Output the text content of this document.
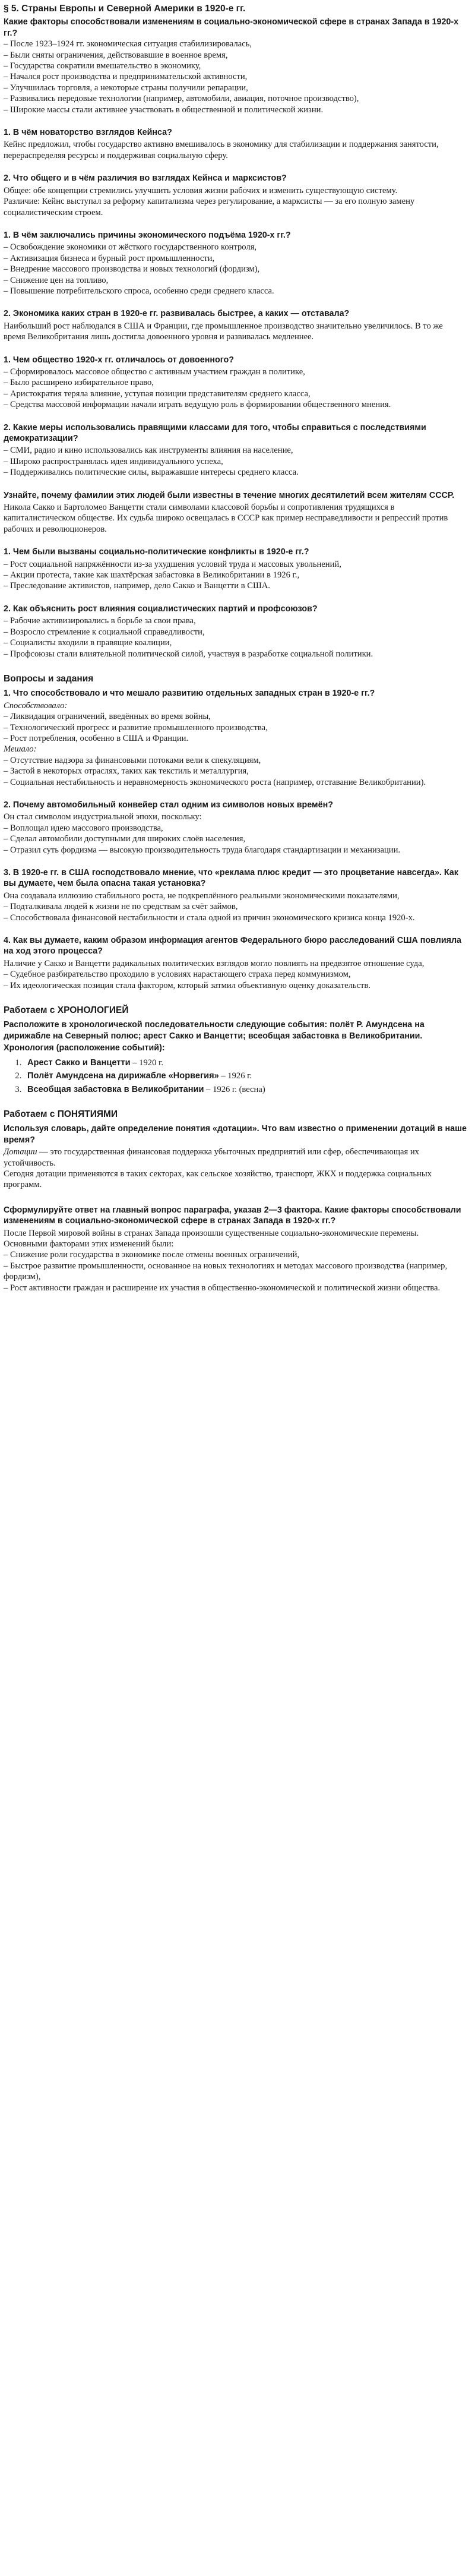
§ 5. Страны Европы и Северной Америки в 1920-е гг.
Какие факторы способствовали изменениям в социально-экономической сфере в странах Запада в 1920-х гг.?
– После 1923–1924 гг. экономическая ситуация стабилизировалась,
– Были сняты ограничения, действовавшие в военное время,
– Государства сократили вмешательство в экономику,
– Начался рост производства и предпринимательской активности,
– Улучшилась торговля, а некоторые страны получили репарации,
– Развивались передовые технологии (например, автомобили, авиация, поточное производство),
– Широкие массы стали активнее участвовать в общественной и политической жизни.
1. В чём новаторство взглядов Кейнса?
Кейнс предложил, чтобы государство активно вмешивалось в экономику для стабилизации и поддержания занятости, перераспределяя ресурсы и поддерживая социальную сферу.
2. Что общего и в чём различия во взглядах Кейнса и марксистов?
Общее: обе концепции стремились улучшить условия жизни рабочих и изменить существующую систему.
Различие: Кейнс выступал за реформу капитализма через регулирование, а марксисты — за его полную замену социалистическим строем.
1. В чём заключались причины экономического подъёма 1920-х гг.?
– Освобождение экономики от жёсткого государственного контроля,
– Активизация бизнеса и бурный рост промышленности,
– Внедрение массового производства и новых технологий (фордизм),
– Снижение цен на топливо,
– Повышение потребительского спроса, особенно среди среднего класса.
2. Экономика каких стран в 1920-е гг. развивалась быстрее, а каких — отставала?
Наибольший рост наблюдался в США и Франции, где промышленное производство значительно увеличилось. В то же время Великобритания лишь достигла довоенного уровня и развивалась медленнее.
1. Чем общество 1920-х гг. отличалось от довоенного?
– Сформировалось массовое общество с активным участием граждан в политике,
– Было расширено избирательное право,
– Аристократия теряла влияние, уступая позиции представителям среднего класса,
– Средства массовой информации начали играть ведущую роль в формировании общественного мнения.
2. Какие меры использовались правящими классами для того, чтобы справиться с последствиями демократизации?
– СМИ, радио и кино использовались как инструменты влияния на население,
– Широко распространялась идея индивидуального успеха,
– Поддерживались политические силы, выражавшие интересы среднего класса.
Узнайте, почему фамилии этих людей были известны в течение многих десятилетий всем жителям СССР.
Никола Сакко и Бартоломео Ванцетти стали символами классовой борьбы и сопротивления трудящихся в капиталистическом обществе. Их судьба широко освещалась в СССР как пример несправедливости и репрессий против рабочих и революционеров.
1. Чем были вызваны социально-политические конфликты в 1920-е гг.?
– Рост социальной напряжённости из-за ухудшения условий труда и массовых увольнений,
– Акции протеста, такие как шахтёрская забастовка в Великобритании в 1926 г.,
– Преследование активистов, например, дело Сакко и Ванцетти в США.
2. Как объяснить рост влияния социалистических партий и профсоюзов?
– Рабочие активизировались в борьбе за свои права,
– Возросло стремление к социальной справедливости,
– Социалисты входили в правящие коалиции,
– Профсоюзы стали влиятельной политической силой, участвуя в разработке социальной политики.
Вопросы и задания
1. Что способствовало и что мешало развитию отдельных западных стран в 1920-е гг.?
Способствовало:
– Ликвидация ограничений, введённых во время войны,
– Технологический прогресс и развитие промышленного производства,
– Рост потребления, особенно в США и Франции.
Мешало:
– Отсутствие надзора за финансовыми потоками вели к спекуляциям,
– Застой в некоторых отраслях, таких как текстиль и металлургия,
– Социальная нестабильность и неравномерность экономического роста (например, отставание Великобритании).
2. Почему автомобильный конвейер стал одним из символов новых времён?
Он стал символом индустриальной эпохи, поскольку:
– Воплощал идею массового производства,
– Сделал автомобили доступными для широких слоёв населения,
– Отразил суть фордизма — высокую производительность труда благодаря стандартизации и механизации.
3. В 1920-е гг. в США господствовало мнение, что «реклама плюс кредит — это процветание навсегда». Как вы думаете, чем была опасна такая установка?
Она создавала иллюзию стабильного роста, не подкреплённого реальными экономическими показателями,
– Подталкивала людей к жизни не по средствам за счёт займов,
– Способствовала финансовой нестабильности и стала одной из причин экономического кризиса конца 1920-х.
4. Как вы думаете, каким образом информация агентов Федерального бюро расследований США повлияла на ход этого процесса?
Наличие у Сакко и Ванцетти радикальных политических взглядов могло повлиять на предвзятое отношение суда,
– Судебное разбирательство проходило в условиях нарастающего страха перед коммунизмом,
– Их идеологическая позиция стала фактором, который затмил объективную оценку доказательств.
Работаем с ХРОНОЛОГИЕЙ
Расположите в хронологической последовательности следующие события: полёт Р. Амундсена на дирижабле на Северный полюс; арест Сакко и Ванцетти; всеобщая забастовка в Великобритании.
Хронология (расположение событий):
1. Арест Сакко и Ванцетти – 1920 г.
2. Полёт Амундсена на дирижабле «Норвегия» – 1926 г.
3. Всеобщая забастовка в Великобритании – 1926 г. (весна)
Работаем с ПОНЯТИЯМИ
Используя словарь, дайте определение понятия «дотации». Что вам известно о применении дотаций в наше время?
Дотации — это государственная финансовая поддержка убыточных предприятий или сфер, обеспечивающая их устойчивость.
Сегодня дотации применяются в таких секторах, как сельское хозяйство, транспорт, ЖКХ и поддержка социальных программ.
Сформулируйте ответ на главный вопрос параграфа, указав 2—3 фактора. Какие факторы способствовали изменениям в социально-экономической сфере в странах Запада в 1920-х гг.?
После Первой мировой войны в странах Запада произошли существенные социально-экономические перемены.
Основными факторами этих изменений были:
– Снижение роли государства в экономике после отмены военных ограничений,
– Быстрое развитие промышленности, основанное на новых технологиях и методах массового производства (например, фордизм),
– Рост активности граждан и расширение их участия в общественно-экономической и политической жизни общества.
